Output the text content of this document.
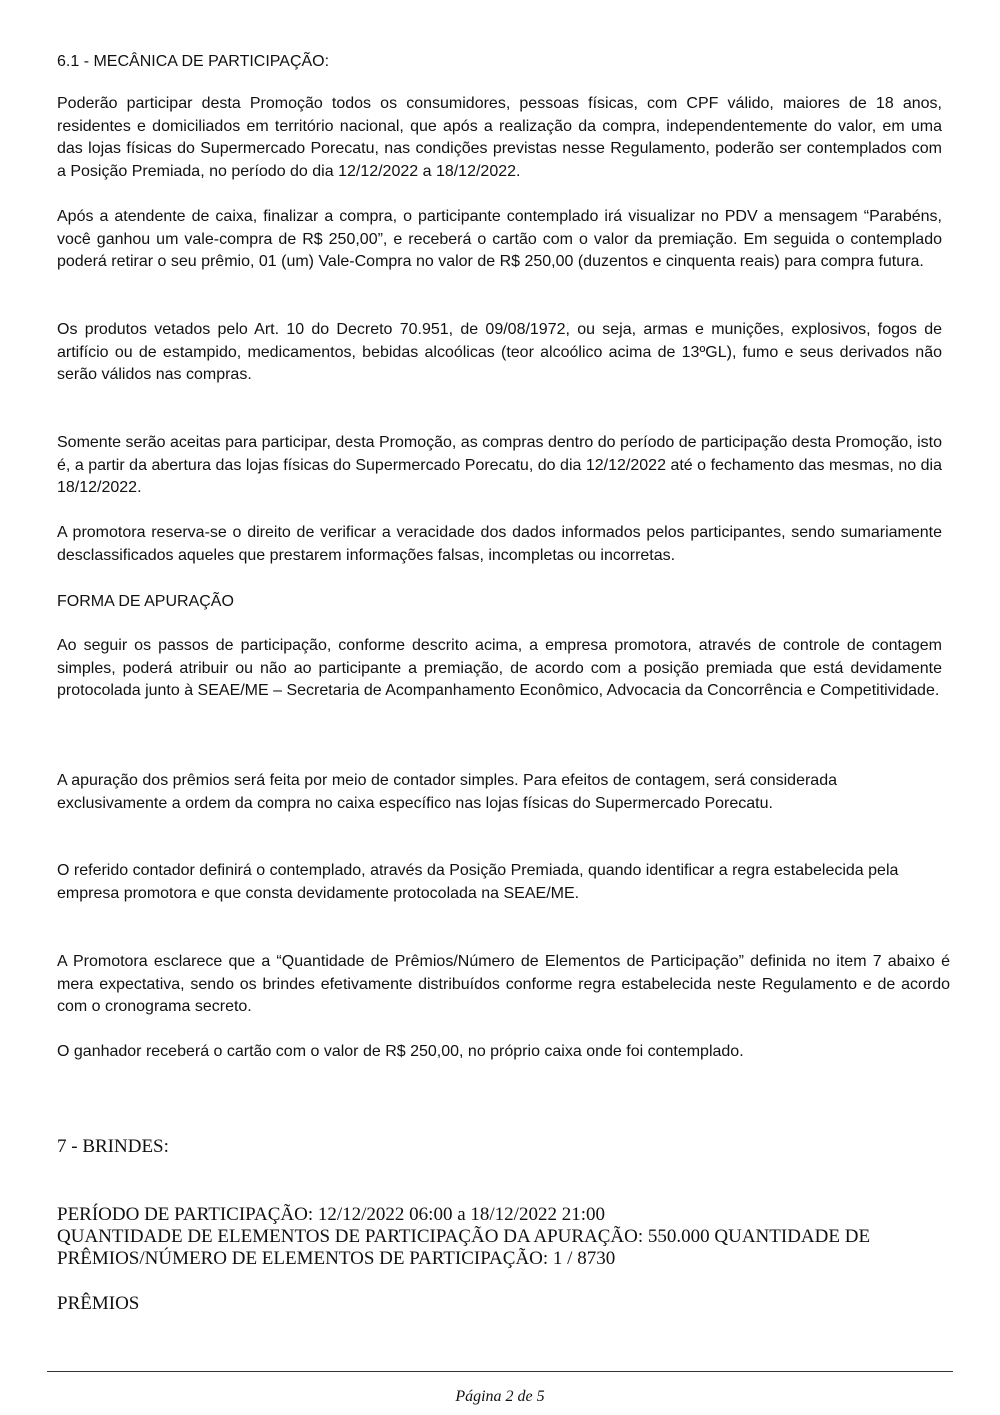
6.1 - MECÂNICA DE PARTICIPAÇÃO:

Poderão participar desta Promoção todos os consumidores, pessoas físicas, com CPF válido, maiores de 18 anos, residentes e domiciliados em território nacional, que após a realização da compra, independentemente do valor, em uma das lojas físicas do Supermercado Porecatu, nas condições previstas nesse Regulamento, poderão ser contemplados com a Posição Premiada, no período do dia 12/12/2022 a 18/12/2022.

Após a atendente de caixa, finalizar a compra, o participante contemplado irá visualizar no PDV a mensagem “Parabéns, você ganhou um vale-compra de R$ 250,00”, e receberá o cartão com o valor da premiação. Em seguida o contemplado poderá retirar o seu prêmio, 01 (um) Vale-Compra no valor de R$ 250,00 (duzentos e cinquenta reais) para compra futura.

Os produtos vetados pelo Art. 10 do Decreto 70.951, de 09/08/1972, ou seja, armas e munições, explosivos, fogos de artifício ou de estampido, medicamentos, bebidas alcoólicas (teor alcoólico acima de 13ºGL), fumo e seus derivados não serão válidos nas compras.

Somente serão aceitas para participar, desta Promoção, as compras dentro do período de participação desta Promoção, isto é, a partir da abertura das lojas físicas do Supermercado Porecatu, do dia 12/12/2022 até o fechamento das mesmas, no dia 18/12/2022.

A promotora reserva-se o direito de verificar a veracidade dos dados informados pelos participantes, sendo sumariamente desclassificados aqueles que prestarem informações falsas, incompletas ou incorretas.

FORMA DE APURAÇÃO

Ao seguir os passos de participação, conforme descrito acima, a empresa promotora, através de controle de contagem simples, poderá atribuir ou não ao participante a premiação, de acordo com a posição premiada que está devidamente protocolada junto à SEAE/ME – Secretaria de Acompanhamento Econômico, Advocacia da Concorrência e Competitividade.

A apuração dos prêmios será feita por meio de contador simples. Para efeitos de contagem, será considerada exclusivamente a ordem da compra no caixa específico nas lojas físicas do Supermercado Porecatu.

O referido contador definirá o contemplado, através da Posição Premiada, quando identificar a regra estabelecida pela empresa promotora e que consta devidamente protocolada na SEAE/ME.

A Promotora esclarece que a “Quantidade de Prêmios/Número de Elementos de Participação” definida no item 7 abaixo é mera expectativa, sendo os brindes efetivamente distribuídos conforme regra estabelecida neste Regulamento e de acordo com o cronograma secreto.

O ganhador receberá o cartão com o valor de R$ 250,00, no próprio caixa onde foi contemplado.

7 - BRINDES:

PERÍODO DE PARTICIPAÇÃO: 12/12/2022 06:00 a 18/12/2022 21:00
QUANTIDADE DE ELEMENTOS DE PARTICIPAÇÃO DA APURAÇÃO: 550.000 QUANTIDADE DE PRÊMIOS/NÚMERO DE ELEMENTOS DE PARTICIPAÇÃO: 1 / 8730

PRÊMIOS

Página 2 de 5
